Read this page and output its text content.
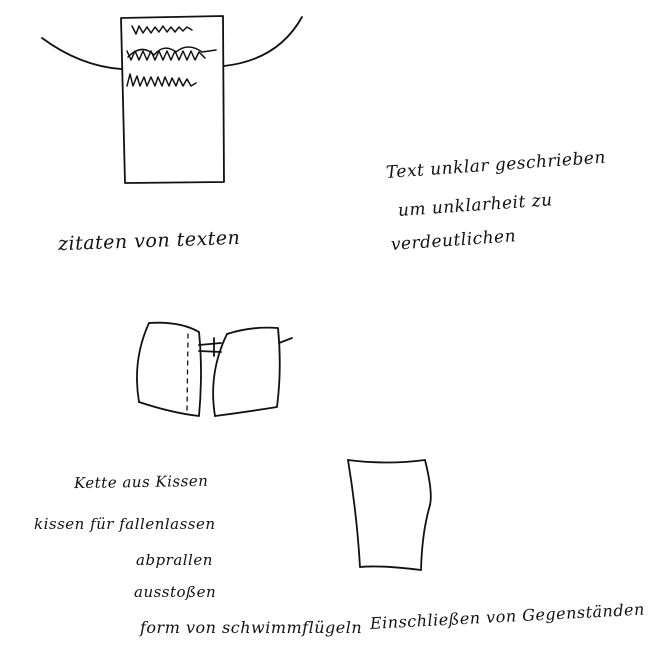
zitaten von texten

Text unklar geschrieben

um unklarheit zu

verdeutlichen

Kette aus Kissen

kissen für fallenlassen

abprallen

ausstoßen

form von schwimmflügeln Einschließen von Gegenständen
